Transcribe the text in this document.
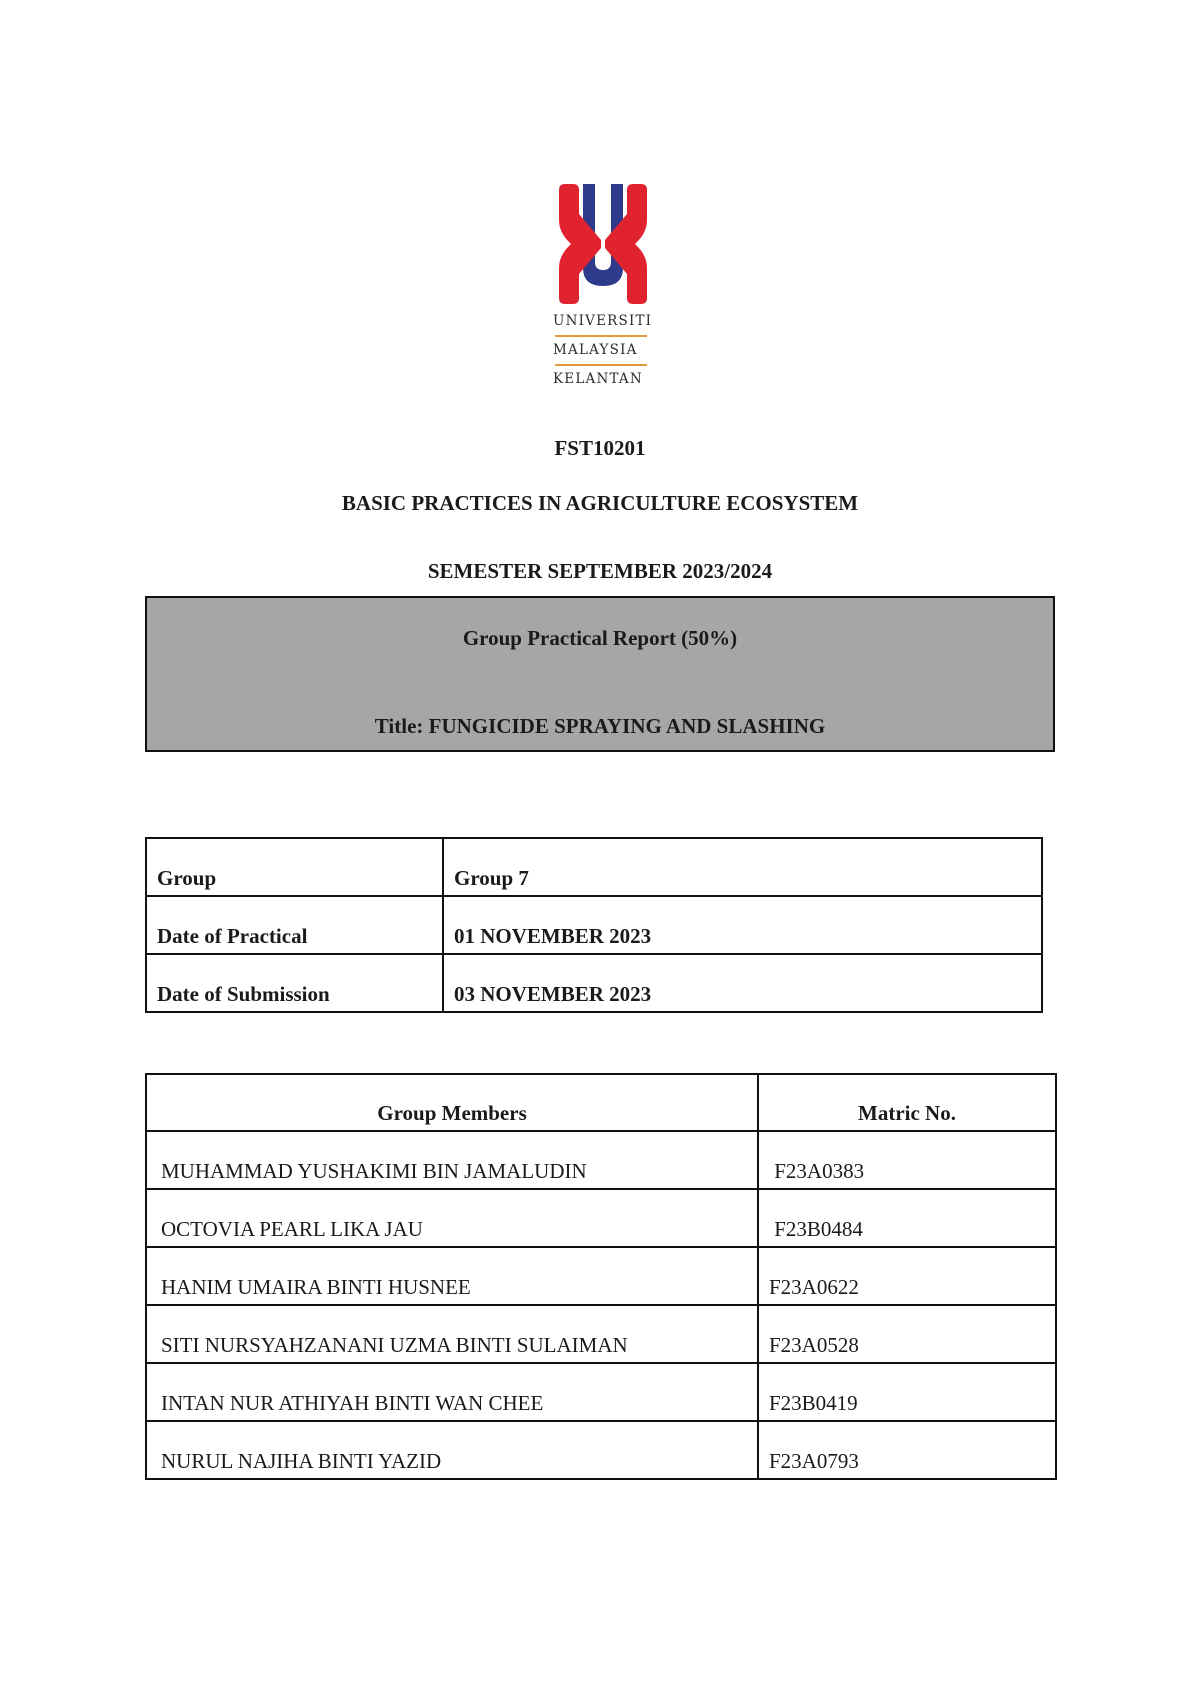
UNIVERSITI
MALAYSIA
KELANTAN
FST10201
BASIC PRACTICES IN AGRICULTURE ECOSYSTEM
SEMESTER SEPTEMBER 2023/2024
Group Practical Report (50%)
Title: FUNGICIDE SPRAYING AND SLASHING
Group	Group 7
Date of Practical	01 NOVEMBER 2023
Date of Submission	03 NOVEMBER 2023
Group Members	Matric No.
MUHAMMAD YUSHAKIMI BIN JAMALUDIN	F23A0383
OCTOVIA PEARL LIKA JAU	F23B0484
HANIM UMAIRA BINTI HUSNEE	F23A0622
SITI NURSYAHZANANI UZMA BINTI SULAIMAN	F23A0528
INTAN NUR ATHIYAH BINTI WAN CHEE	F23B0419
NURUL NAJIHA BINTI YAZID	F23A0793
